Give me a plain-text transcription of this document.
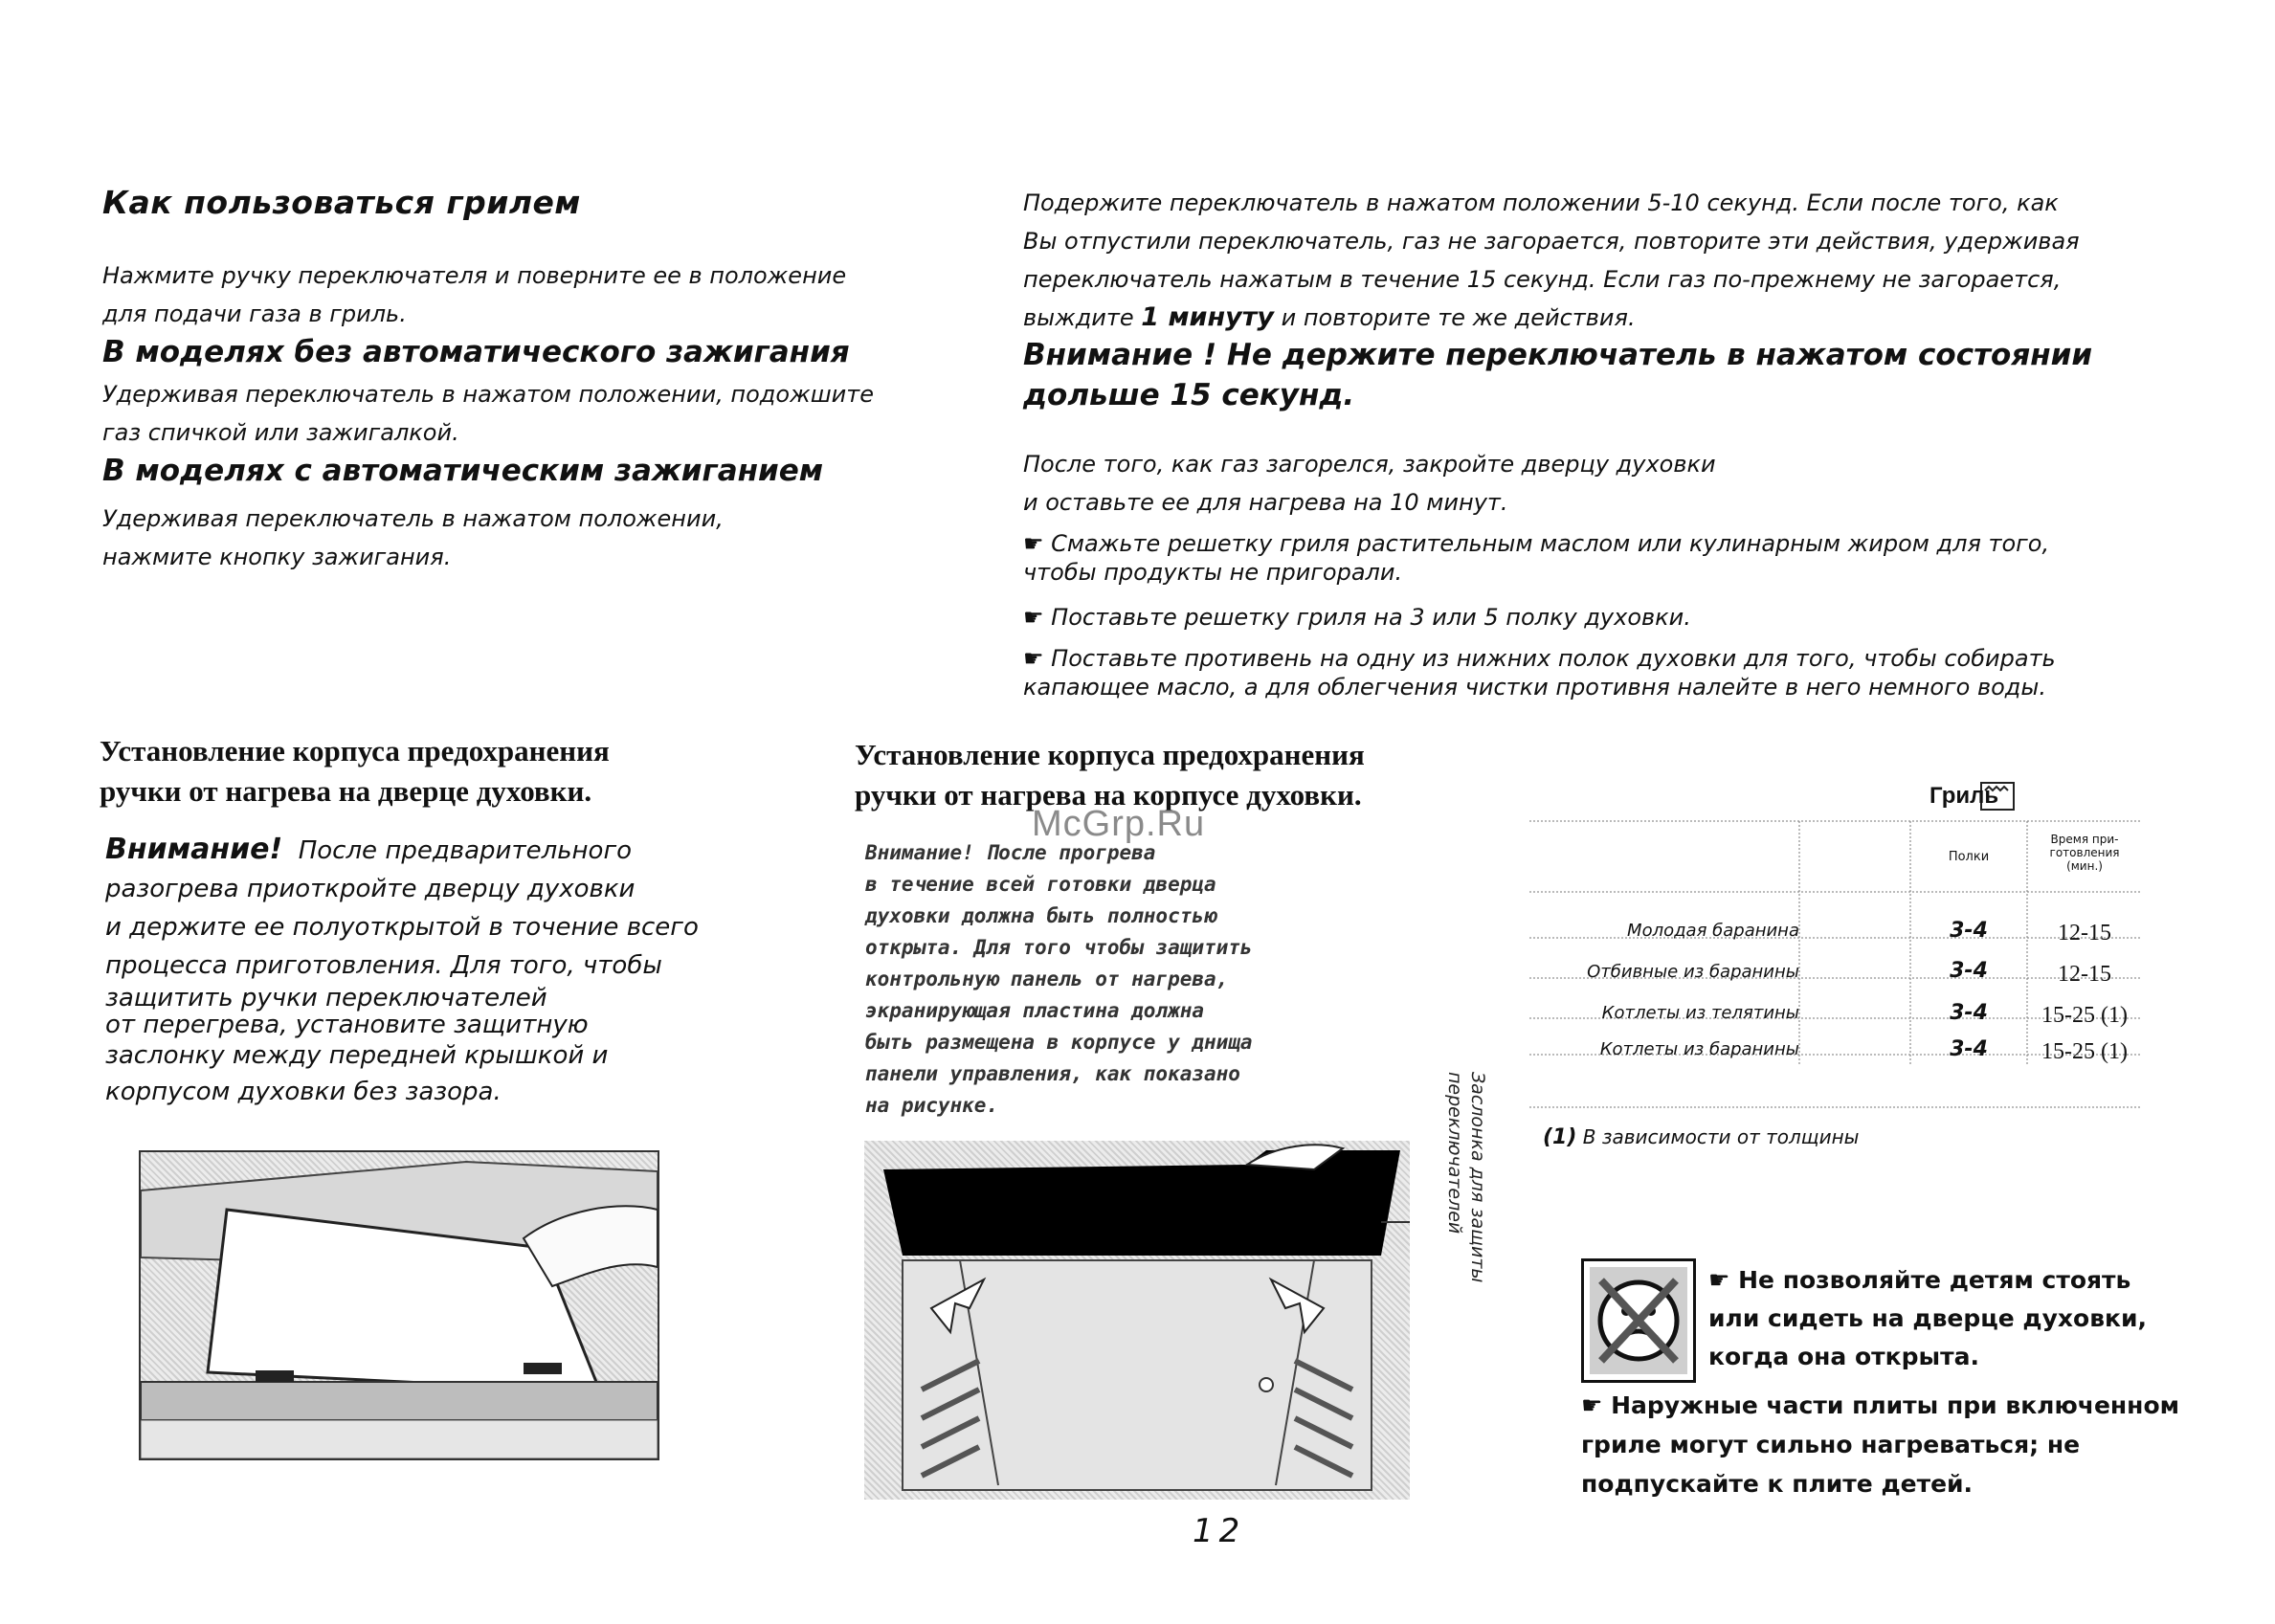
Как пользоваться грилем
Нажмите ручку переключателя и поверните ее в положение
для подачи газа в гриль.
В моделях без автоматического зажигания
Удерживая переключатель в нажатом положении, подожшите
газ спичкой или зажигалкой.
В моделях с автоматическим зажиганием
Удерживая переключатель в нажатом положении,
нажмите кнопку зажигания.
Подержите переключатель в нажатом положении 5-10 секунд. Если после того, как
Вы отпустили переключатель, газ не загорается, повторите эти действия, удерживая
переключатель нажатым в течение 15 секунд. Если газ по-прежнему не загорается,
выждите 1 минуту и повторите те же действия.
Внимание ! Не держите переключатель в нажатом состоянии
дольше 15 секунд.
После того, как газ загорелся, закройте дверцу духовки
и оставьте ее для нагрева на 10 минут.
☛ Смажьте решетку гриля растительным маслом или кулинарным жиром для того,
чтобы продукты не пригорали.
☛ Поставьте решетку гриля на 3 или 5 полку духовки.
☛ Поставьте противень на одну из нижних полок духовки для того, чтобы собирать
капающее масло, а для облегчения чистки противня налейте в него немного воды.
Установление корпуса предохранения
ручки от нагрева на дверце духовки.
Внимание! После предварительного
разогрева приоткройте дверцу духовки
и держите ее полуоткрытой в точение всего
процесса приготовления. Для того, чтобы
защитить ручки переключателей
от перегрева, установите защитную
заслонку между передней крышкой и
корпусом духовки без зазора.
Установление корпуса предохранения
ручки от нагрева на корпусе духовки.
McGrp.Ru
Внимание! После прогрева
в течение всей готовки дверца
духовки должна быть полностью
открыта. Для того чтобы защитить
контрольную панель от нагрева,
экранирующая пластина должна
быть размещена в корпусе у днища
панели управления, как показано
на рисунке.	Заслонка для защиты
переключателей
Гриль
Полки
Время при-
готовления
(мин.)
Молодая баранина	3-4	12-15
Отбивные из баранины	3-4	12-15
Котлеты из телятины	3-4	15-25 (1)
Котлеты из баранины	3-4	15-25 (1)
(1) В зависимости от толщины
☛ Не позволяйте детям стоять
или сидеть на дверце духовки,
когда она открыта.
☛ Наружные части плиты при включенном
гриле могут сильно нагреваться; не
подпускайте к плите детей.
12
